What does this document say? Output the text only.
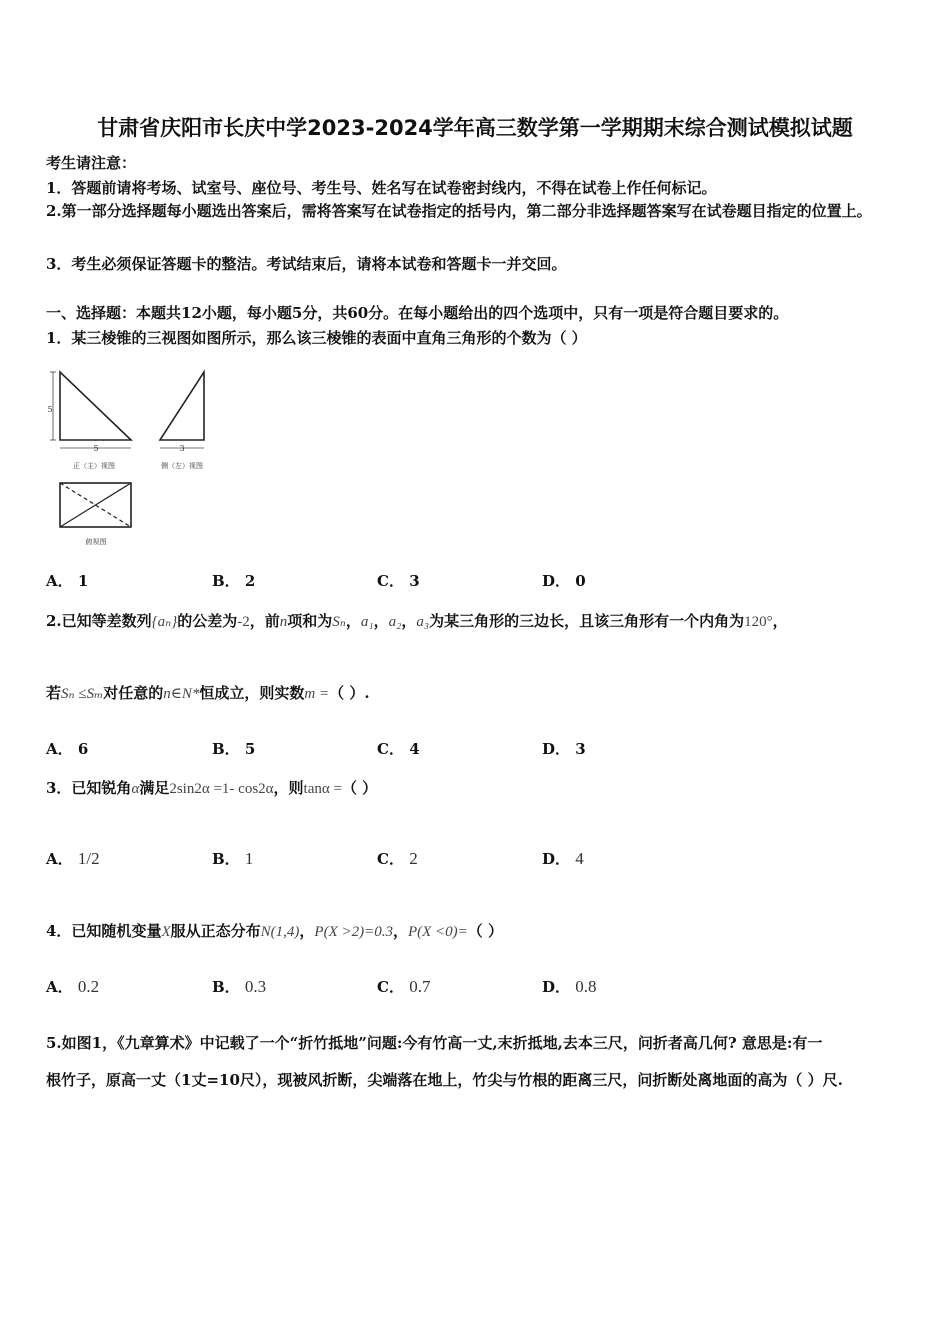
甘肃省庆阳市长庆中学2023-2024学年高三数学第一学期期末综合测试模拟试题
考生请注意：
1．答题前请将考场、试室号、座位号、考生号、姓名写在试卷密封线内，不得在试卷上作任何标记。
2.第一部分选择题每小题选出答案后，需将答案写在试卷指定的括号内，第二部分非选择题答案写在试卷题目指定的位置上。
3．考生必须保证答题卡的整洁。考试结束后，请将本试卷和答题卡一并交回。
一、选择题：本题共12小题，每小题5分，共60分。在每小题给出的四个选项中，只有一项是符合题目要求的。
1．某三棱锥的三视图如图所示，那么该三棱锥的表面中直角三角形的个数为（ ）
5
5
正（主）视图
3
侧（左）视图
俯视图
A． 1	B． 2	C． 3	D． 0
2.已知等差数列{aₙ}的公差为-2，前n项和为Sₙ，a₁，a₂，a₃为某三角形的三边长，且该三角形有一个内角为120°，
若Sₙ ≤Sₘ对任意的n∈N*恒成立，则实数m =（ ）.
A． 6	B． 5	C． 4	D． 3
3．已知锐角α满足2sin2α =1- cos2α，则tanα =（ ）
A． 1/2	B． 1	C． 2	D． 4
4．已知随机变量X服从正态分布N(1,4)，P(X >2)=0.3，P(X <0)=（ ）
A． 0.2	B． 0.3	C． 0.7	D． 0.8
5.如图1，《九章算术》中记载了一个“折竹抵地”问题:今有竹高一丈,末折抵地,去本三尺，问折者高几何? 意思是:有一
根竹子，原高一丈（1丈=10尺），现被风折断，尖端落在地上，竹尖与竹根的距离三尺，问折断处离地面的高为（ ）尺.
